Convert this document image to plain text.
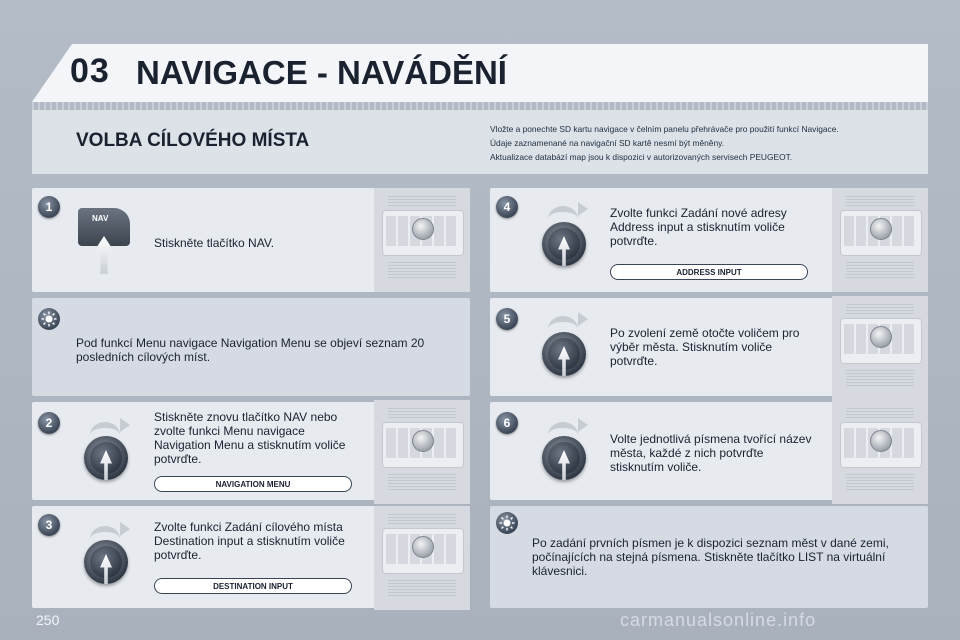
03 NAVIGACE - NAVÁDĚNÍ
VOLBA CÍLOVÉHO MÍSTA

Vložte a ponechte SD kartu navigace v čelním panelu přehrávače pro použití funkcí Navigace.

Údaje zaznamenané na navigační SD kartě nesmí být měněny.

Aktualizace databází map jsou k dispozici v autorizovaných servisech PEUGEOT.

1
NAV
Stiskněte tlačítko NAV.
Pod funkcí Menu navigace Navigation Menu se objeví seznam 20 posledních cílových míst.
2	Stiskněte znovu tlačítko NAV nebo zvolte funkci Menu navigace Navigation Menu a stisknutím voliče potvrďte.
NAVIGATION MENU
3	Zvolte funkci Zadání cílového místa Destination input a stisknutím voliče potvrďte.
DESTINATION INPUT
4	Zvolte funkci Zadání nové adresy Address input a stisknutím voliče potvrďte.
ADDRESS INPUT
5
Po zvolení země otočte voličem pro výběr města. Stisknutím voliče potvrďte.
6
Volte jednotlivá písmena tvořící název města, každé z nich potvrďte stisknutím voliče.
Po zadání prvních písmen je k dispozici seznam měst v dané zemi, počínajících na stejná písmena. Stiskněte tlačítko LIST na virtuální klávesnici.
250	carmanualsonline.info
